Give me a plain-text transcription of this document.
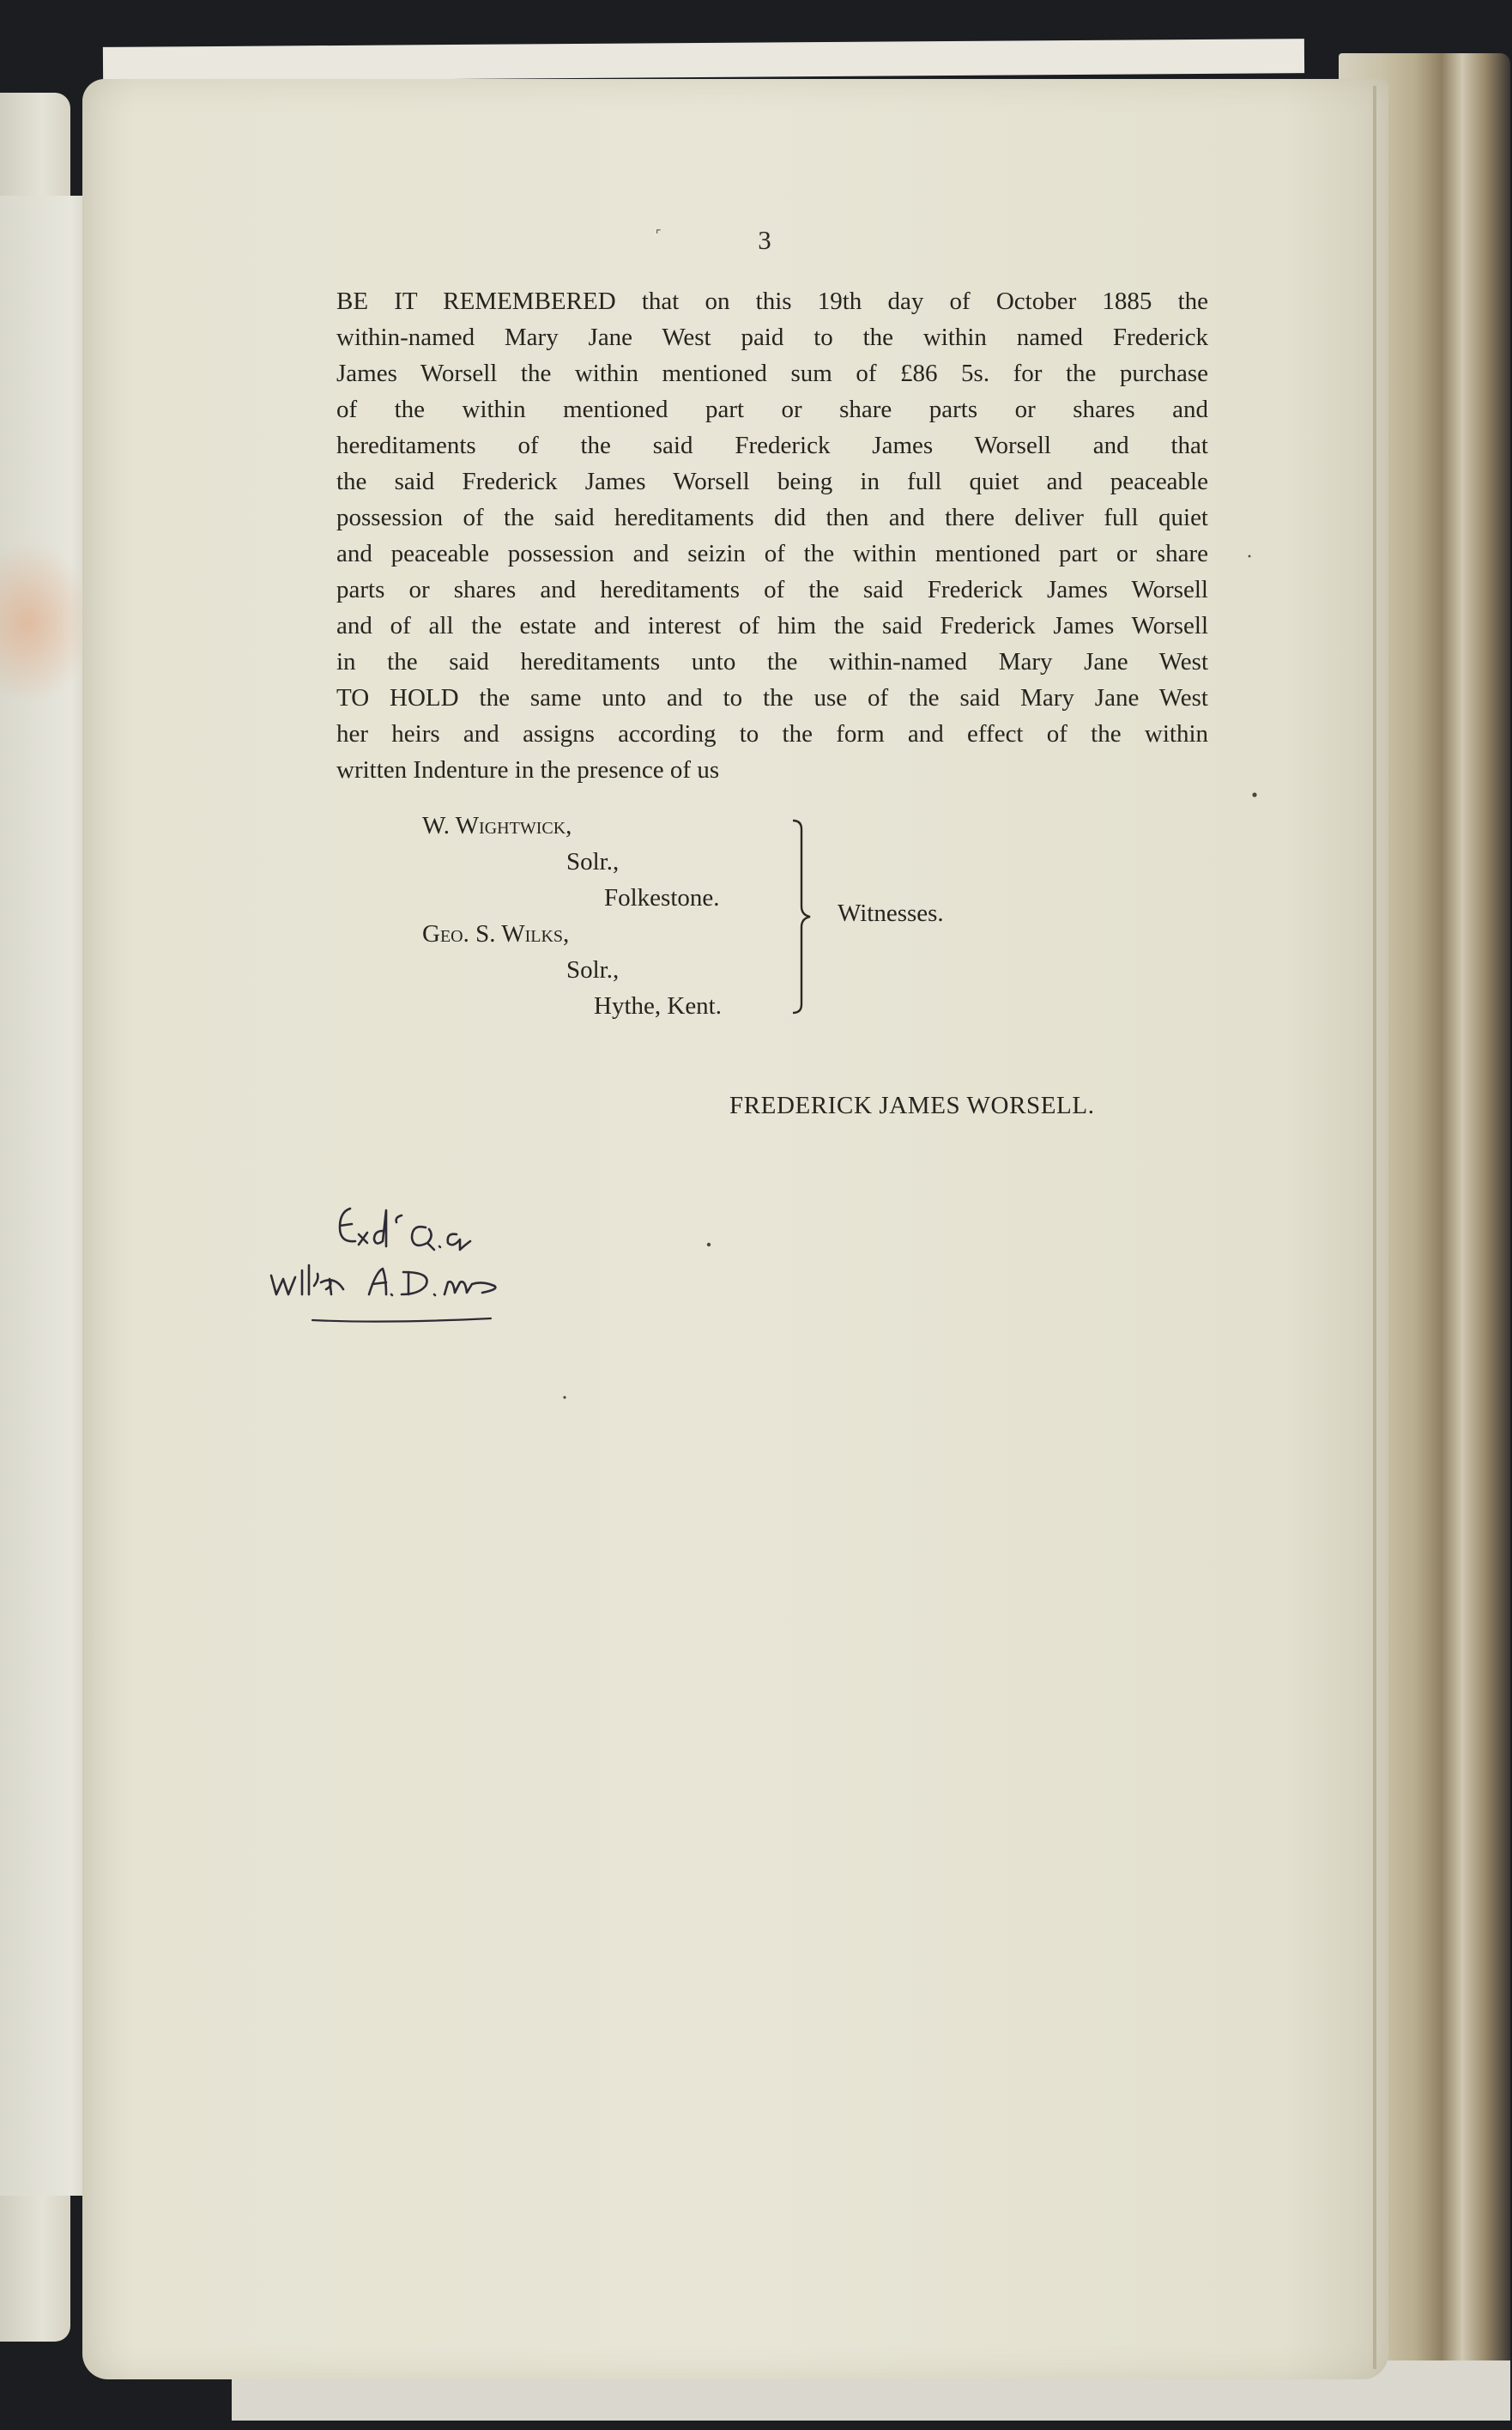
⌜	3
BE IT REMEMBERED that on this 19th day of October 1885 the
within-named Mary Jane West paid to the within named Frederick
James Worsell the within mentioned sum of £86 5s. for the purchase
of the within mentioned part or share parts or shares and
hereditaments of the said Frederick James Worsell and that
the said Frederick James Worsell being in full quiet and peaceable
possession of the said hereditaments did then and there deliver full quiet
and peaceable possession and seizin of the within mentioned part or share
parts or shares and hereditaments of the said Frederick James Worsell
and of all the estate and interest of him the said Frederick James Worsell
in the said hereditaments unto the within-named Mary Jane West
TO HOLD the same unto and to the use of the said Mary Jane West
her heirs and assigns according to the form and effect of the within
written Indenture in the presence of us
W. Wightwick,
Solr.,
Folkestone.
Geo. S. Wilks,
Solr.,
Hythe, Kent.
Witnesses.
FREDERICK JAMES WORSELL.
